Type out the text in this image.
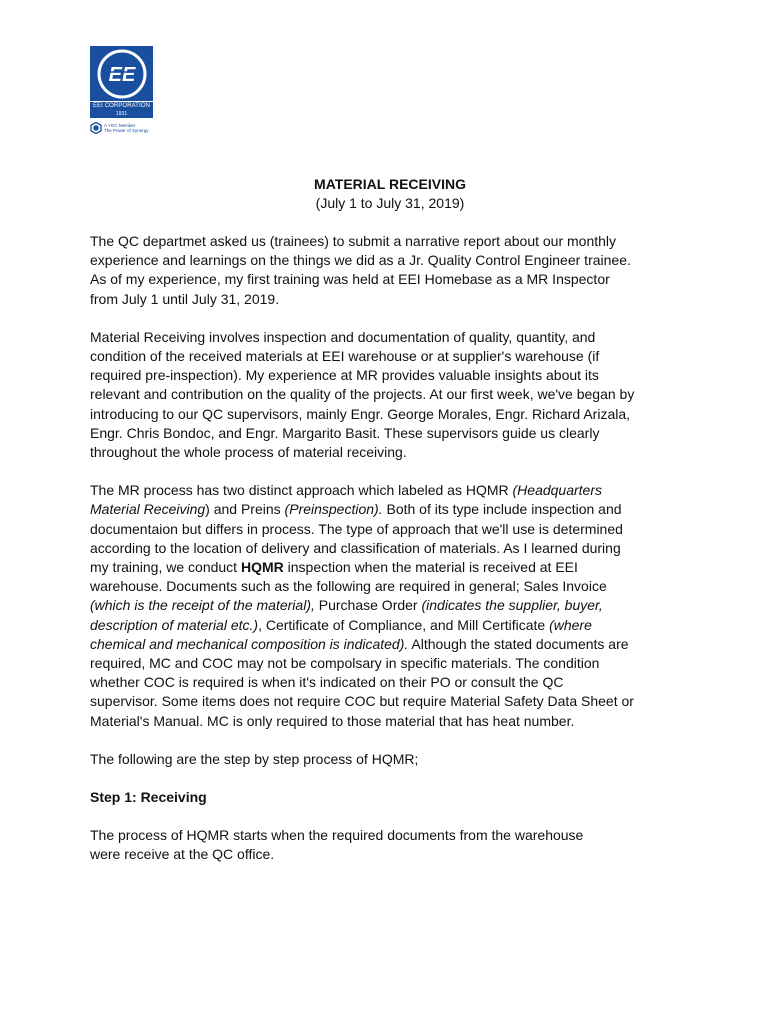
EE
EEI CORPORATION
1931
A YGC Member
The Power of Synergy
MATERIAL RECEIVING
(July 1 to July 31, 2019)

The QC departmet asked us (trainees) to submit a narrative report about our monthly
experience and learnings on the things we did as a Jr. Quality Control Engineer trainee.
As of my experience, my first training was held at EEI Homebase as a MR Inspector
from July 1 until July 31, 2019.

Material Receiving involves inspection and documentation of quality, quantity, and
condition of the received materials at EEI warehouse or at supplier's warehouse (if
required pre-inspection). My experience at MR provides valuable insights about its
relevant and contribution on the quality of the projects. At our first week, we've began by
introducing to our QC supervisors, mainly Engr. George Morales, Engr. Richard Arizala,
Engr. Chris Bondoc, and Engr. Margarito Basit. These supervisors guide us clearly
throughout the whole process of material receiving.

The MR process has two distinct approach which labeled as HQMR (Headquarters
Material Receiving) and Preins (Preinspection). Both of its type include inspection and
documentaion but differs in process. The type of approach that we'll use is determined
according to the location of delivery and classification of materials. As I learned during
my training, we conduct HQMR inspection when the material is received at EEI
warehouse. Documents such as the following are required in general; Sales Invoice
(which is the receipt of the material), Purchase Order (indicates the supplier, buyer,
description of material etc.), Certificate of Compliance, and Mill Certificate (where
chemical and mechanical composition is indicated). Although the stated documents are
required, MC and COC may not be compolsary in specific materials. The condition
whether COC is required is when it's indicated on their PO or consult the QC
supervisor. Some items does not require COC but require Material Safety Data Sheet or
Material's Manual. MC is only required to those material that has heat number.

The following are the step by step process of HQMR;

Step 1: Receiving

The process of HQMR starts when the required documents from the warehouse
were receive at the QC office.
